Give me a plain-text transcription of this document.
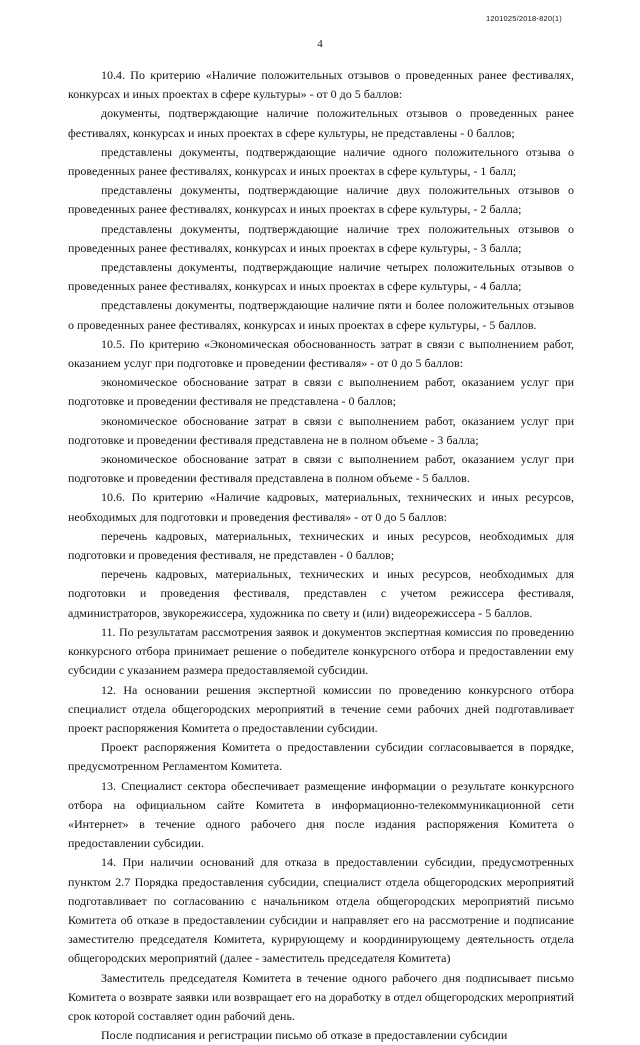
1201025/2018-820(1)
4

10.4. По критерию «Наличие положительных отзывов о проведенных ранее фестивалях, конкурсах и иных проектах в сфере культуры» - от 0 до 5 баллов:

документы, подтверждающие наличие положительных отзывов о проведенных ранее фестивалях, конкурсах и иных проектах в сфере культуры, не представлены - 0 баллов;

представлены документы, подтверждающие наличие одного положительного отзыва о проведенных ранее фестивалях, конкурсах и иных проектах в сфере культуры, - 1 балл;

представлены документы, подтверждающие наличие двух положительных отзывов о проведенных ранее фестивалях, конкурсах и иных проектах в сфере культуры, - 2 балла;

представлены документы, подтверждающие наличие трех положительных отзывов о проведенных ранее фестивалях, конкурсах и иных проектах в сфере культуры, - 3 балла;

представлены документы, подтверждающие наличие четырех положительных отзывов о проведенных ранее фестивалях, конкурсах и иных проектах в сфере культуры, - 4 балла;

представлены документы, подтверждающие наличие пяти и более положительных отзывов о проведенных ранее фестивалях, конкурсах и иных проектах в сфере культуры, - 5 баллов.

10.5. По критерию «Экономическая обоснованность затрат в связи с выполнением работ, оказанием услуг при подготовке и проведении фестиваля» - от 0 до 5 баллов:

экономическое обоснование затрат в связи с выполнением работ, оказанием услуг при подготовке и проведении фестиваля не представлена - 0 баллов;

экономическое обоснование затрат в связи с выполнением работ, оказанием услуг при подготовке и проведении фестиваля представлена не в полном объеме - 3 балла;

экономическое обоснование затрат в связи с выполнением работ, оказанием услуг при подготовке и проведении фестиваля представлена в полном объеме - 5 баллов.

10.6. По критерию «Наличие кадровых, материальных, технических и иных ресурсов, необходимых для подготовки и проведения фестиваля» - от 0 до 5 баллов:

перечень кадровых, материальных, технических и иных ресурсов, необходимых для подготовки и проведения фестиваля, не представлен - 0 баллов;

перечень кадровых, материальных, технических и иных ресурсов, необходимых для подготовки и проведения фестиваля, представлен с учетом режиссера фестиваля, администраторов, звукорежиссера, художника по свету и (или) видеорежиссера - 5 баллов.

11. По результатам рассмотрения заявок и документов экспертная комиссия по проведению конкурсного отбора принимает решение о победителе конкурсного отбора и предоставлении ему субсидии с указанием размера предоставляемой субсидии.

12. На основании решения экспертной комиссии по проведению конкурсного отбора специалист отдела общегородских мероприятий в течение семи рабочих дней подготавливает проект распоряжения Комитета о предоставлении субсидии.

Проект распоряжения Комитета о предоставлении субсидии согласовывается в порядке, предусмотренном Регламентом Комитета.

13. Специалист сектора обеспечивает размещение информации о результате конкурсного отбора на официальном сайте Комитета в информационно-телекоммуникационной сети «Интернет» в течение одного рабочего дня после издания распоряжения Комитета о предоставлении субсидии.

14. При наличии оснований для отказа в предоставлении субсидии, предусмотренных пунктом 2.7 Порядка предоставления субсидии, специалист отдела общегородских мероприятий подготавливает по согласованию с начальником отдела общегородских мероприятий письмо Комитета об отказе в предоставлении субсидии и направляет его на рассмотрение и подписание заместителю председателя Комитета, курирующему и координирующему деятельность отдела общегородских мероприятий (далее - заместитель председателя Комитета)

Заместитель председателя Комитета в течение одного рабочего дня подписывает письмо Комитета о возврате заявки или возвращает его на доработку в отдел общегородских мероприятий срок которой составляет один рабочий день.

После подписания и регистрации письмо об отказе в предоставлении субсидии
